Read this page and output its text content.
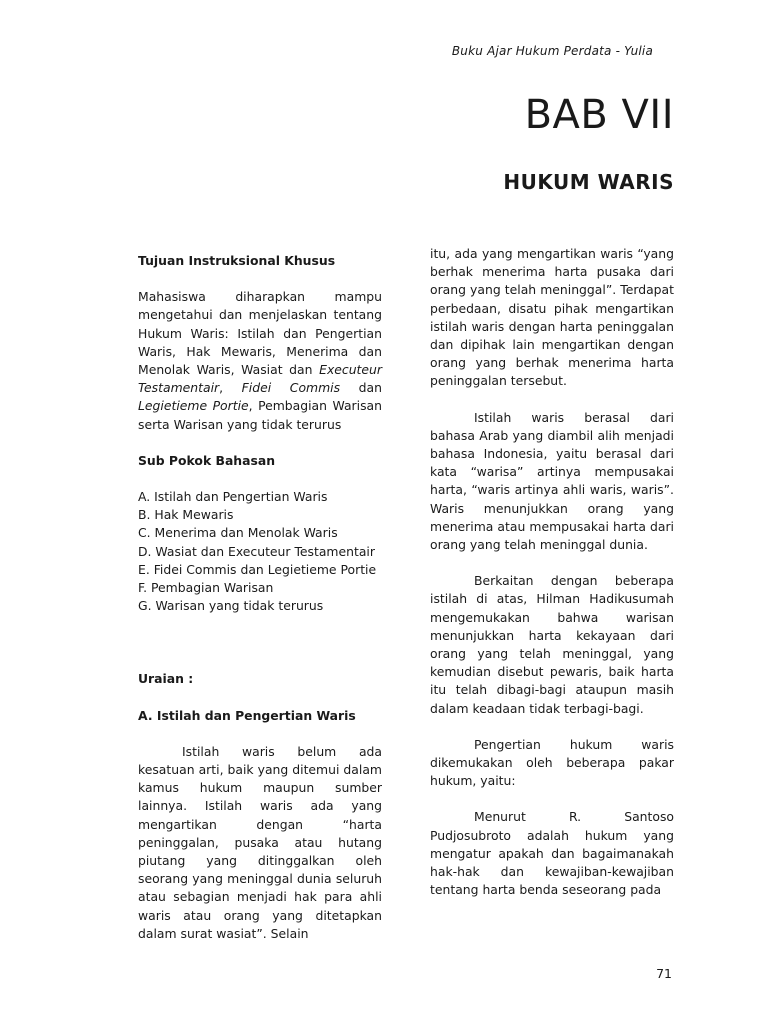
Buku Ajar Hukum Perdata - Yulia
BAB VII
HUKUM WARIS

Tujuan Instruksional Khusus

Mahasiswa diharapkan mampu mengetahui dan menjelaskan tentang Hukum Waris: Istilah dan Pengertian Waris, Hak Mewaris, Menerima dan Menolak Waris, Wasiat dan Executeur Testamentair, Fidei Commis dan Legietieme Portie, Pembagian Warisan serta Warisan yang tidak terurus

Sub Pokok Bahasan

A. Istilah dan Pengertian Waris
B. Hak Mewaris
C. Menerima dan Menolak Waris
D. Wasiat dan Executeur Testamentair
E. Fidei Commis dan Legietieme Portie
F. Pembagian Warisan
G. Warisan yang tidak terurus

Uraian :

A. Istilah dan Pengertian Waris

Istilah waris belum ada kesatuan arti, baik yang ditemui dalam kamus hukum maupun sumber lainnya. Istilah waris ada yang mengartikan dengan “harta peninggalan, pusaka atau hutang piutang yang ditinggalkan oleh seorang yang meninggal dunia seluruh atau sebagian menjadi hak para ahli waris atau orang yang ditetapkan dalam surat wasiat”. Selain

itu, ada yang mengartikan waris “yang berhak menerima harta pusaka dari orang yang telah meninggal”. Terdapat perbedaan, disatu pihak mengartikan istilah waris dengan harta peninggalan dan dipihak lain mengartikan dengan orang yang berhak menerima harta peninggalan tersebut.

Istilah waris berasal dari bahasa Arab yang diambil alih menjadi bahasa Indonesia, yaitu berasal dari kata “warisa” artinya mempusakai harta, “waris artinya ahli waris, waris”. Waris menunjukkan orang yang menerima atau mempusakai harta dari orang yang telah meninggal dunia.

Berkaitan dengan beberapa istilah di atas, Hilman Hadikusumah mengemukakan bahwa warisan menunjukkan harta kekayaan dari orang yang telah meninggal, yang kemudian disebut pewaris, baik harta itu telah dibagi-bagi ataupun masih dalam keadaan tidak terbagi-bagi.

Pengertian hukum waris dikemukakan oleh beberapa pakar hukum, yaitu:

Menurut R. Santoso Pudjosubroto adalah hukum yang mengatur apakah dan bagaimanakah hak-hak dan kewajiban-kewajiban tentang harta benda seseorang pada

71
